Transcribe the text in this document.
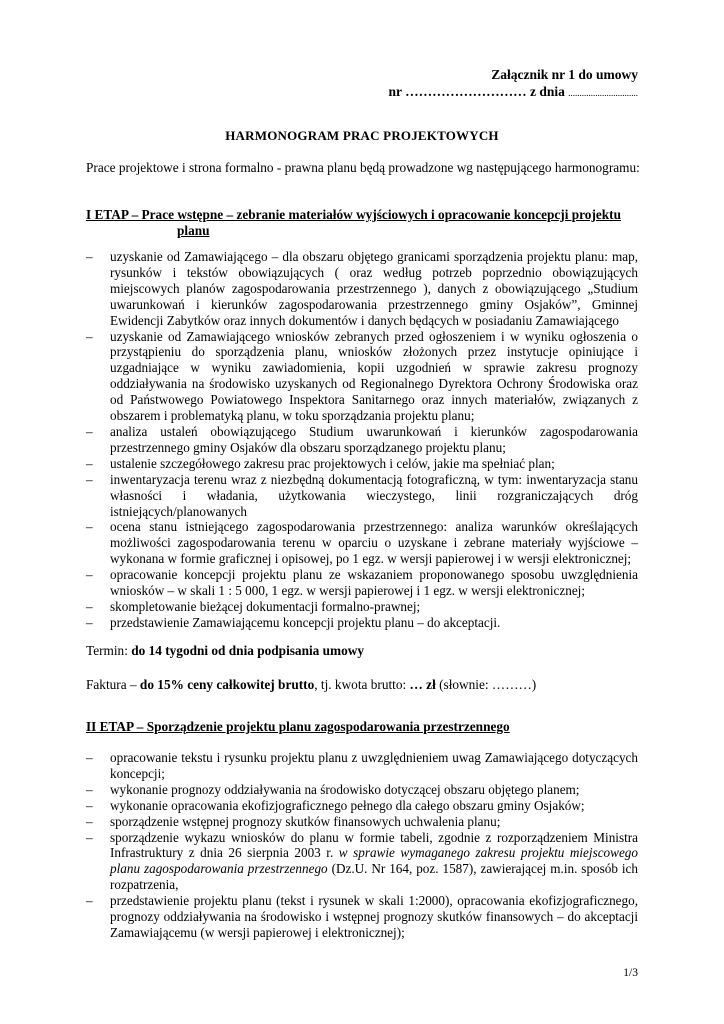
Załącznik nr 1 do umowy
nr ……………………… z dnia ...............................
HARMONOGRAM PRAC PROJEKTOWYCH
Prace projektowe i strona formalno - prawna planu będą prowadzone wg następującego harmonogramu:
I ETAP – Prace wstępne – zebranie materiałów wyjściowych i opracowanie koncepcji projektu
planu
– uzyskanie od Zamawiającego – dla obszaru objętego granicami sporządzenia projektu planu: map, rysunków i tekstów obowiązujących ( oraz według potrzeb poprzednio obowiązujących miejscowych planów zagospodarowania przestrzennego ), danych z obowiązującego „Studium uwarunkowań i kierunków zagospodarowania przestrzennego gminy Osjaków”, Gminnej Ewidencji Zabytków oraz innych dokumentów i danych będących w posiadaniu Zamawiającego
– uzyskanie od Zamawiającego wniosków zebranych przed ogłoszeniem i w wyniku ogłoszenia o przystąpieniu do sporządzenia planu, wniosków złożonych przez instytucje opiniujące i uzgadniające w wyniku zawiadomienia, kopii uzgodnień w sprawie zakresu prognozy oddziaływania na środowisko uzyskanych od Regionalnego Dyrektora Ochrony Środowiska oraz od Państwowego Powiatowego Inspektora Sanitarnego oraz innych materiałów, związanych z obszarem i problematyką planu, w toku sporządzania projektu planu;
– analiza ustaleń obowiązującego Studium uwarunkowań i kierunków zagospodarowania przestrzennego gminy Osjaków dla obszaru sporządzanego projektu planu;
– ustalenie szczegółowego zakresu prac projektowych i celów, jakie ma spełniać plan;
– inwentaryzacja terenu wraz z niezbędną dokumentacją fotograficzną, w tym: inwentaryzacja stanu własności i władania, użytkowania wieczystego, linii rozgraniczających dróg istniejących/planowanych
– ocena stanu istniejącego zagospodarowania przestrzennego: analiza warunków określających możliwości zagospodarowania terenu w oparciu o uzyskane i zebrane materiały wyjściowe – wykonana w formie graficznej i opisowej, po 1 egz. w wersji papierowej i w wersji elektronicznej;
– opracowanie koncepcji projektu planu ze wskazaniem proponowanego sposobu uwzględnienia wniosków – w skali 1 : 5 000, 1 egz. w wersji papierowej i 1 egz. w wersji elektronicznej;
– skompletowanie bieżącej dokumentacji formalno-prawnej;
– przedstawienie Zamawiającemu koncepcji projektu planu – do akceptacji.
Termin: do 14 tygodni od dnia podpisania umowy
Faktura – do 15% ceny całkowitej brutto, tj. kwota brutto: … zł (słownie: ………)
II ETAP – Sporządzenie projektu planu zagospodarowania przestrzennego
– opracowanie tekstu i rysunku projektu planu z uwzględnieniem uwag Zamawiającego dotyczących koncepcji;
– wykonanie prognozy oddziaływania na środowisko dotyczącej obszaru objętego planem;
– wykonanie opracowania ekofizjograficznego pełnego dla całego obszaru gminy Osjaków;
– sporządzenie wstępnej prognozy skutków finansowych uchwalenia planu;
– sporządzenie wykazu wniosków do planu w formie tabeli, zgodnie z rozporządzeniem Ministra Infrastruktury z dnia 26 sierpnia 2003 r. w sprawie wymaganego zakresu projektu miejscowego planu zagospodarowania przestrzennego (Dz.U. Nr 164, poz. 1587), zawierającej m.in. sposób ich rozpatrzenia,
– przedstawienie projektu planu (tekst i rysunek w skali 1:2000), opracowania ekofizjograficznego, prognozy oddziaływania na środowisko i wstępnej prognozy skutków finansowych – do akceptacji Zamawiającemu (w wersji papierowej i elektronicznej);
1/3
